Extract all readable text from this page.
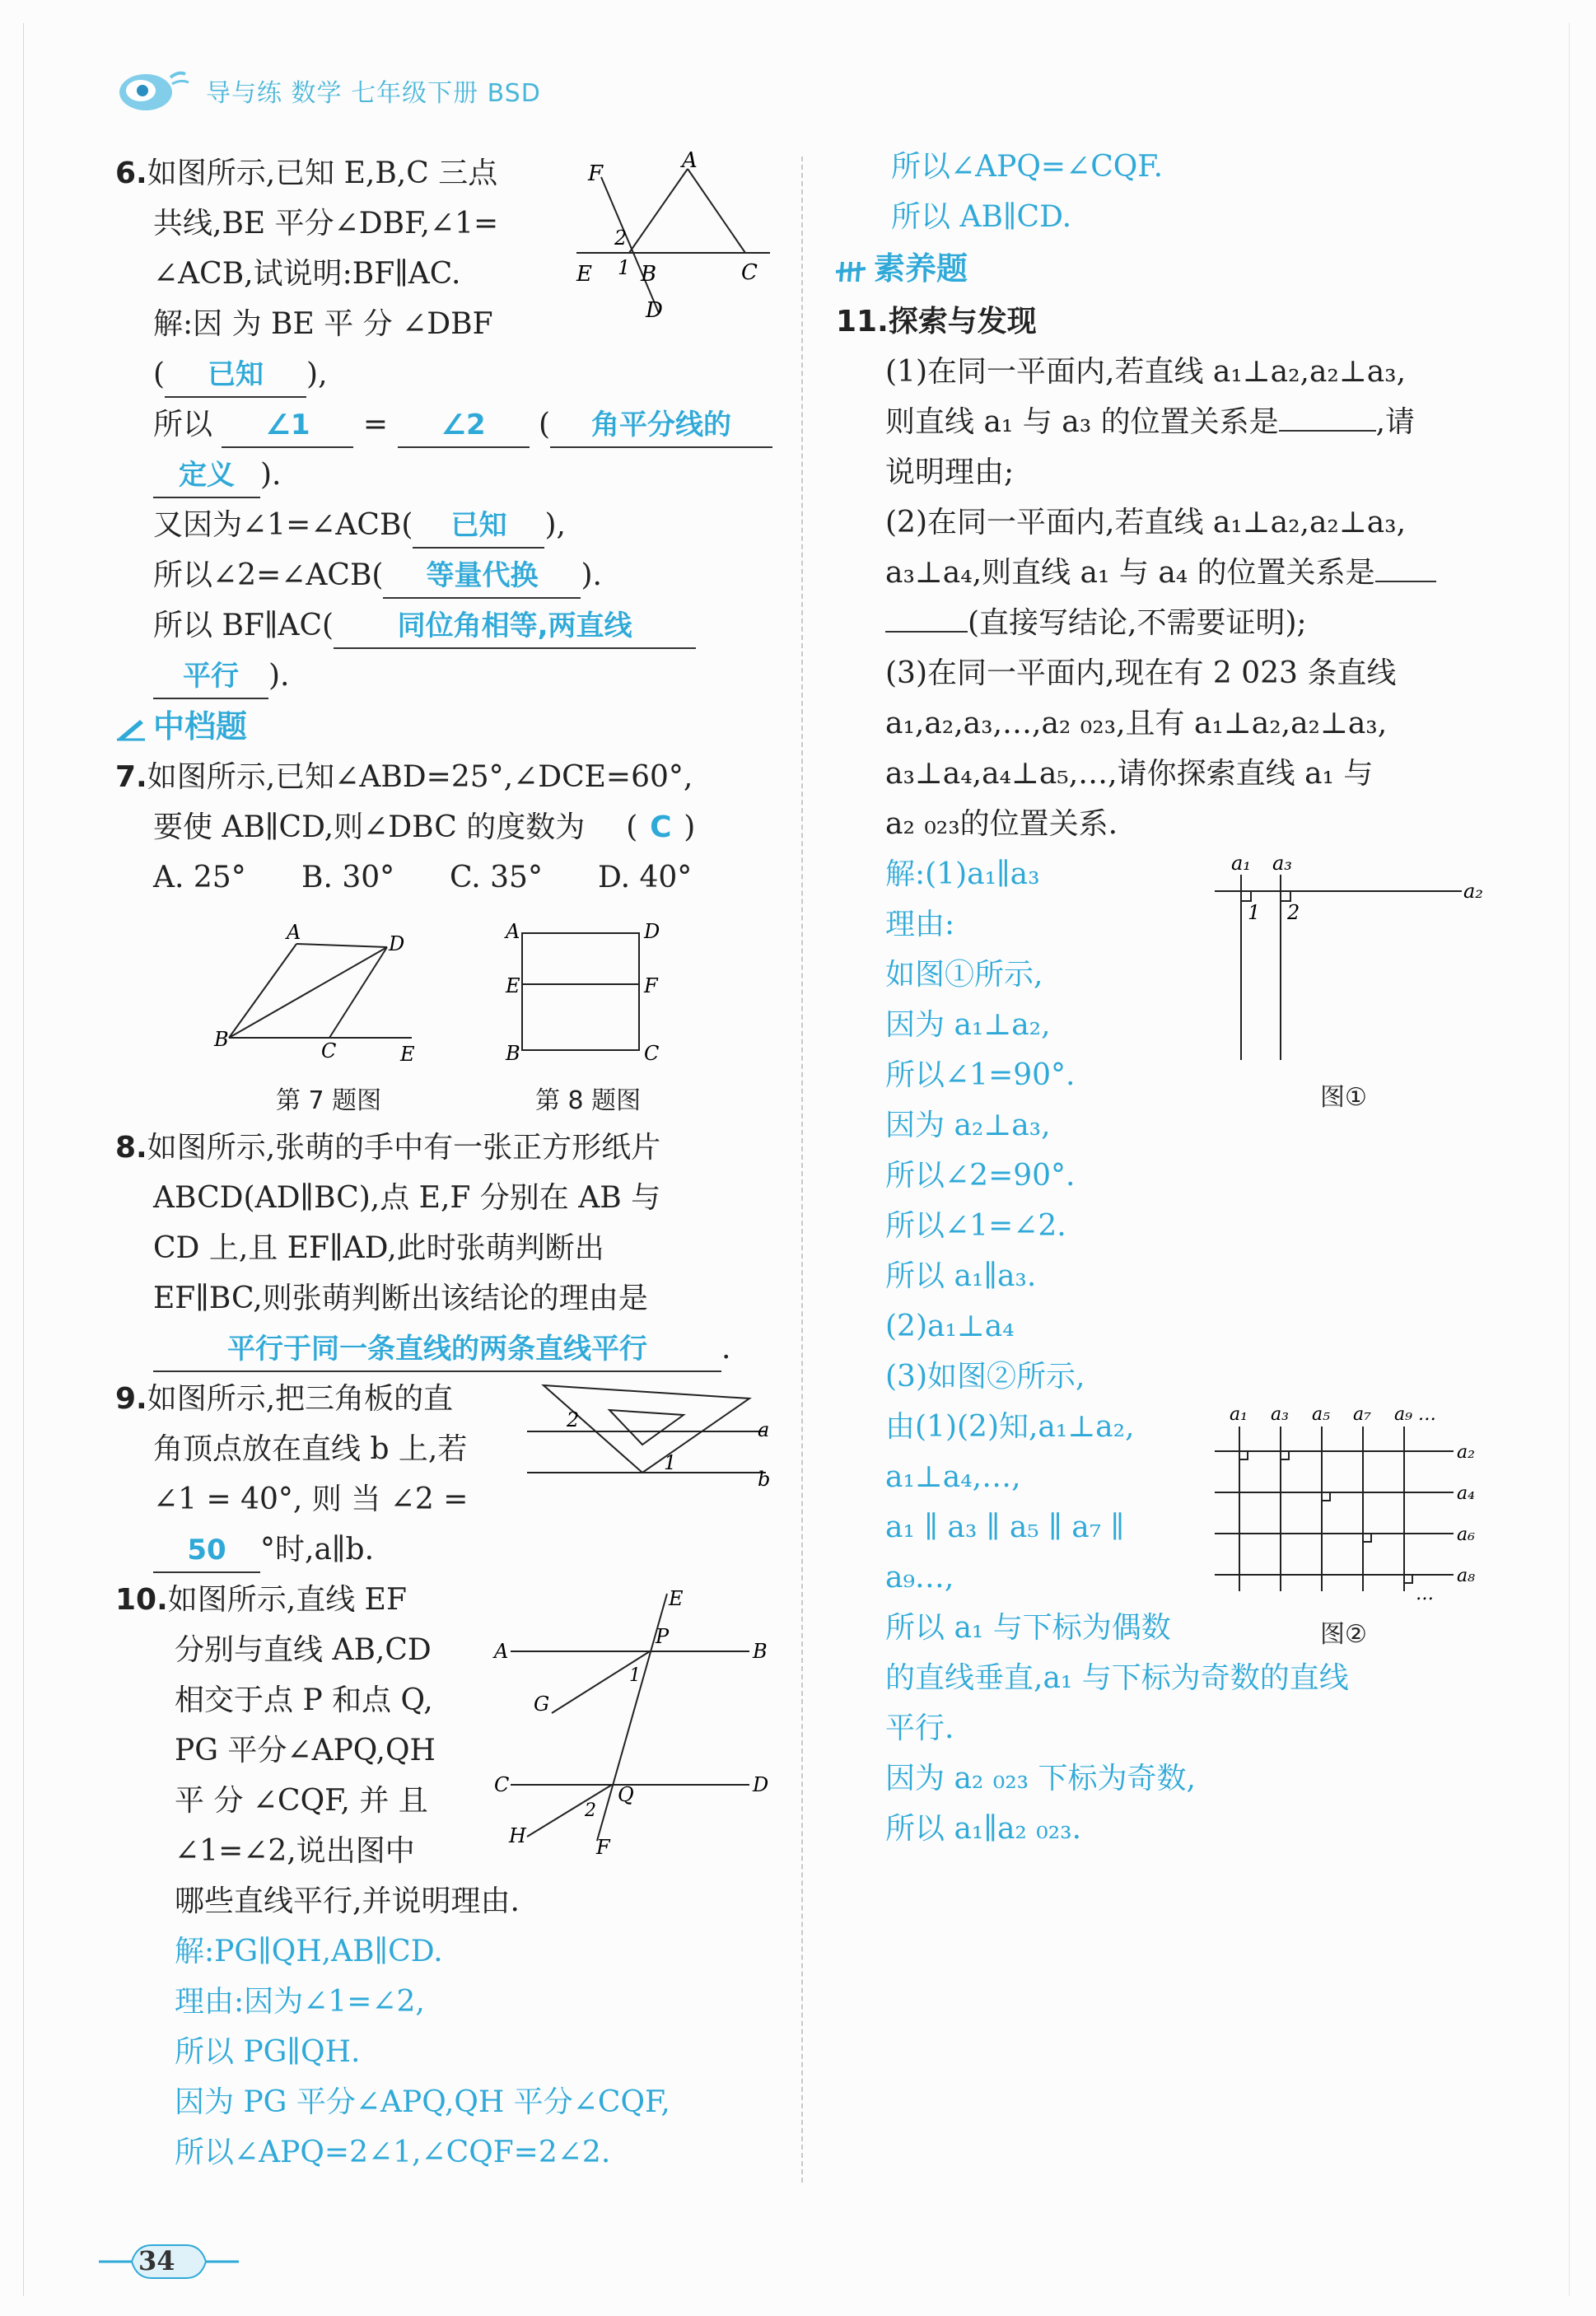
导与练 数学 七年级下册 BSD
6.如图所示,已知 E,B,C 三点
共线,BE 平分∠DBF,∠1=
∠ACB,试说明:BF∥AC.
解:因 为 BE 平 分 ∠DBF
( 已知 ),
所以 ∠1 = ∠2 ( 角平分线的
定义 ).
又因为∠1=∠ACB( 已知 ),
所以∠2=∠ACB( 等量代换 ).
所以 BF∥AC( 同位角相等,两直线
平行 ).
F
A
2
1
E B	C
D
中档题
7.如图所示,已知∠ABD=25°,∠DCE=60°,
要使 AB∥CD,则∠DBC 的度数为 ( C )
A. 25° B. 30° C. 35° D. 40°
A	D
B	C	E
第 7 题图
A	D
E	F
B	C
第 8 题图
8.如图所示,张萌的手中有一张正方形纸片
ABCD(AD∥BC),点 E,F 分别在 AB 与
CD 上,且 EF∥AD,此时张萌判断出
EF∥BC,则张萌判断出该结论的理由是
平行于同一条直线的两条直线平行	.
9.如图所示,把三角板的直
角顶点放在直线 b 上,若
∠1 = 40°, 则 当 ∠2 =
50 °时,a∥b.
2
1
a
b
10.如图所示,直线 EF
分别与直线 AB,CD
相交于点 P 和点 Q,
PG 平分∠APQ,QH
平 分 ∠CQF, 并 且
∠1=∠2,说出图中
哪些直线平行,并说明理由.
解:PG∥QH,AB∥CD.
理由:因为∠1=∠2,
所以 PG∥QH.
因为 PG 平分∠APQ,QH 平分∠CQF,
所以∠APQ=2∠1,∠CQF=2∠2.
E
P
A	B
G
1
C	D
Q
2
H	F
所以∠APQ=∠CQF.
所以 AB∥CD.
素养题
11.探索与发现
(1)在同一平面内,若直线 a₁⊥a₂,a₂⊥a₃,
则直线 a₁ 与 a₃ 的位置关系是	,请
说明理由;
(2)在同一平面内,若直线 a₁⊥a₂,a₂⊥a₃,
a₃⊥a₄,则直线 a₁ 与 a₄ 的位置关系是
(直接写结论,不需要证明);
(3)在同一平面内,现在有 2 023 条直线
a₁,a₂,a₃,…,a₂ ₀₂₃,且有 a₁⊥a₂,a₂⊥a₃,
a₃⊥a₄,a₄⊥a₅,…,请你探索直线 a₁ 与
a₂ ₀₂₃的位置关系.
解:(1)a₁∥a₃
理由:
如图①所示,
因为 a₁⊥a₂,
所以∠1=90°.
因为 a₂⊥a₃,
所以∠2=90°.
所以∠1=∠2.
所以 a₁∥a₃.
(2)a₁⊥a₄
(3)如图②所示,
由(1)(2)知,a₁⊥a₂,
a₁⊥a₄,…,
a₁ ∥ a₃ ∥ a₅ ∥ a₇ ∥
a₉…,
所以 a₁ 与下标为偶数
的直线垂直,a₁ 与下标为奇数的直线
平行.
因为 a₂ ₀₂₃ 下标为奇数,
所以 a₁∥a₂ ₀₂₃.
a₁ a₃
a₂
1 2
图①
a₁ a₃ a₅ a₇ a₉ …
a₂
a₄
a₆
a₈
…
图②
34
